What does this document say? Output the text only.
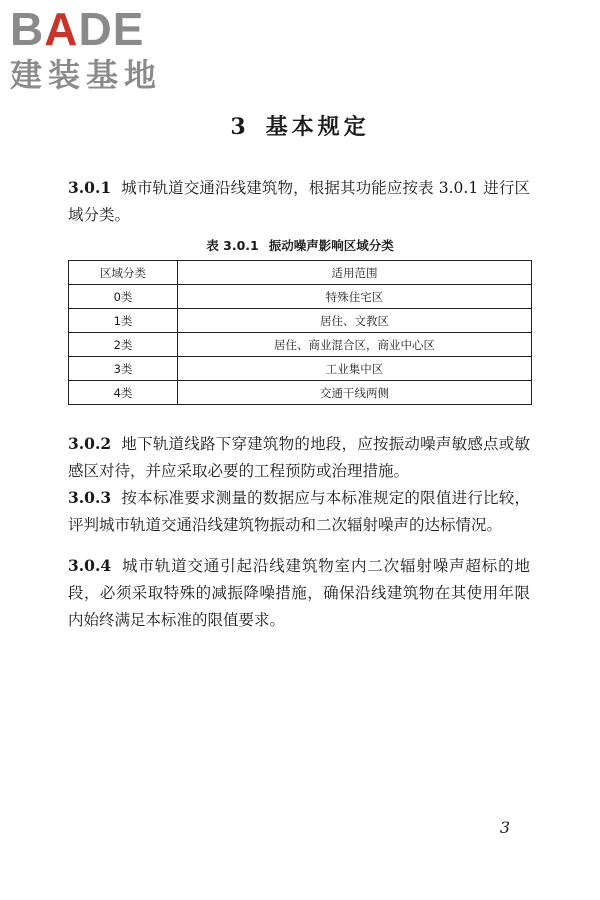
BADE
建装基地
3 基本规定
3.0.1 城市轨道交通沿线建筑物，根据其功能应按表 3.0.1 进行区域分类。
表 3.0.1 振动噪声影响区域分类
区域分类	适用范围
0类	特殊住宅区
1类	居住、文教区
2类	居住、商业混合区，商业中心区
3类	工业集中区
4类	交通干线两侧
3.0.2 地下轨道线路下穿建筑物的地段，应按振动噪声敏感点或敏感区对待，并应采取必要的工程预防或治理措施。
3.0.3 按本标准要求测量的数据应与本标准规定的限值进行比较，评判城市轨道交通沿线建筑物振动和二次辐射噪声的达标情况。
3.0.4 城市轨道交通引起沿线建筑物室内二次辐射噪声超标的地段，必须采取特殊的减振降噪措施，确保沿线建筑物在其使用年限内始终满足本标准的限值要求。
3
